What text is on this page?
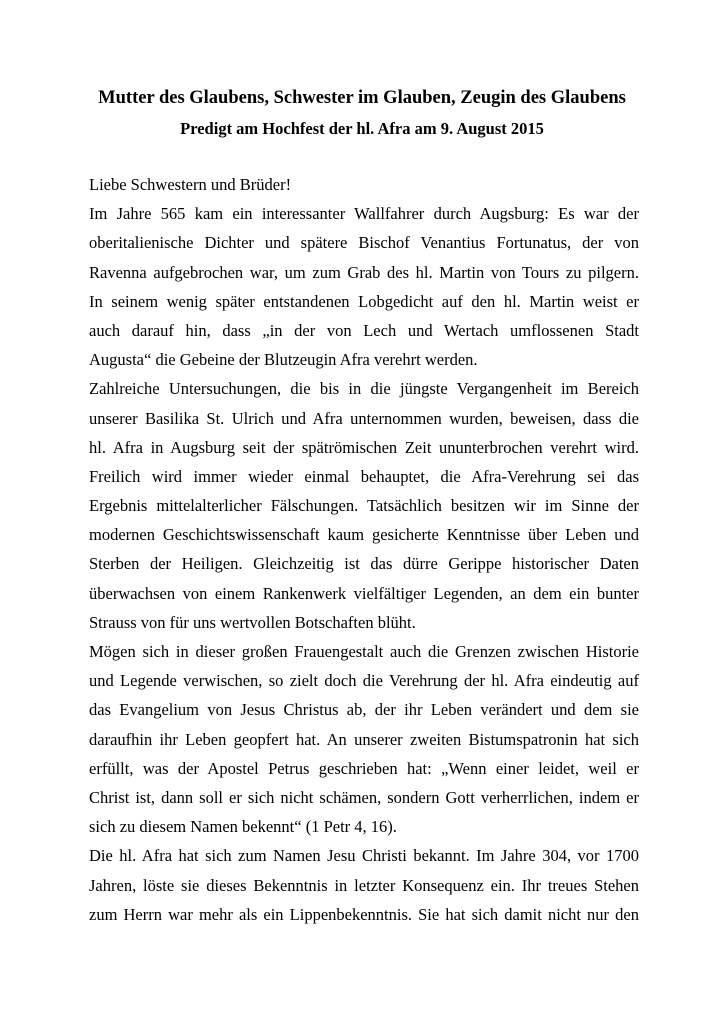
Mutter des Glaubens, Schwester im Glauben, Zeugin des Glaubens
Predigt am Hochfest der hl. Afra am 9. August 2015
Liebe Schwestern und Brüder!
Im Jahre 565 kam ein interessanter Wallfahrer durch Augsburg: Es war der
oberitalienische Dichter und spätere Bischof Venantius Fortunatus, der von
Ravenna aufgebrochen war, um zum Grab des hl. Martin von Tours zu pilgern.
In seinem wenig später entstandenen Lobgedicht auf den hl. Martin weist er
auch darauf hin, dass „in der von Lech und Wertach umflossenen Stadt
Augusta“ die Gebeine der Blutzeugin Afra verehrt werden.
Zahlreiche Untersuchungen, die bis in die jüngste Vergangenheit im Bereich
unserer Basilika St. Ulrich und Afra unternommen wurden, beweisen, dass die
hl. Afra in Augsburg seit der spätrömischen Zeit ununterbrochen verehrt wird.
Freilich wird immer wieder einmal behauptet, die Afra-Verehrung sei das
Ergebnis mittelalterlicher Fälschungen. Tatsächlich besitzen wir im Sinne der
modernen Geschichtswissenschaft kaum gesicherte Kenntnisse über Leben und
Sterben der Heiligen. Gleichzeitig ist das dürre Gerippe historischer Daten
überwachsen von einem Rankenwerk vielfältiger Legenden, an dem ein bunter
Strauss von für uns wertvollen Botschaften blüht.
Mögen sich in dieser großen Frauengestalt auch die Grenzen zwischen Historie
und Legende verwischen, so zielt doch die Verehrung der hl. Afra eindeutig auf
das Evangelium von Jesus Christus ab, der ihr Leben verändert und dem sie
daraufhin ihr Leben geopfert hat. An unserer zweiten Bistumspatronin hat sich
erfüllt, was der Apostel Petrus geschrieben hat: „Wenn einer leidet, weil er
Christ ist, dann soll er sich nicht schämen, sondern Gott verherrlichen, indem er
sich zu diesem Namen bekennt“ (1 Petr 4, 16).
Die hl. Afra hat sich zum Namen Jesu Christi bekannt. Im Jahre 304, vor 1700
Jahren, löste sie dieses Bekenntnis in letzter Konsequenz ein. Ihr treues Stehen
zum Herrn war mehr als ein Lippenbekenntnis. Sie hat sich damit nicht nur den
